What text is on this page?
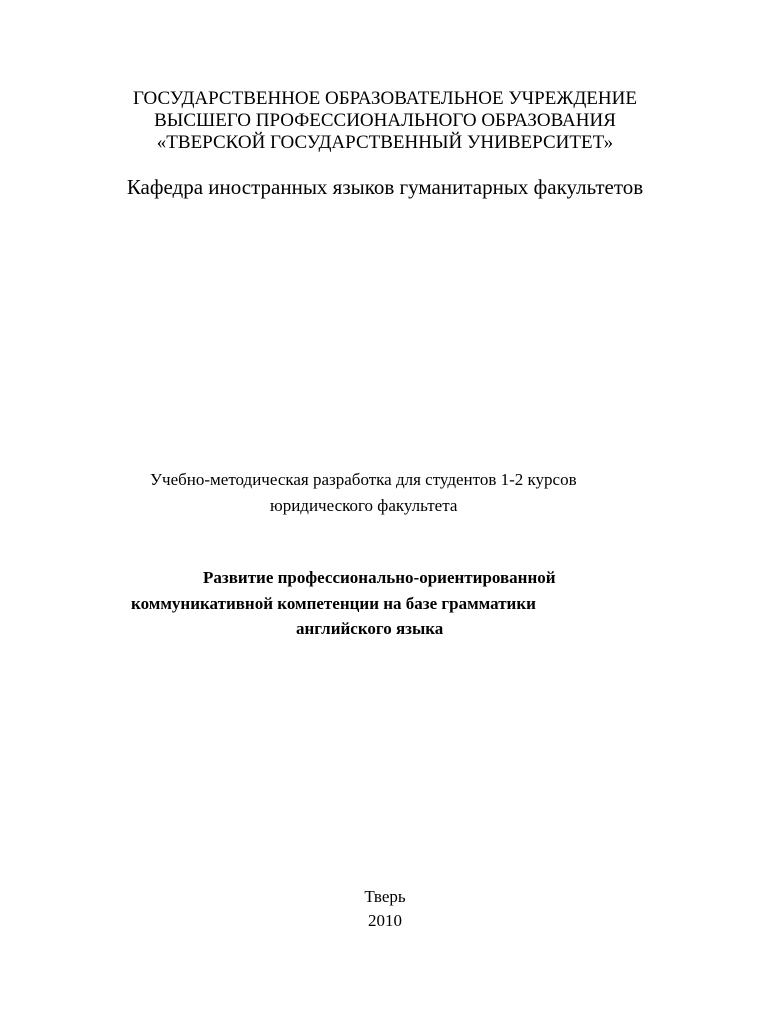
ГОСУДАРСТВЕННОЕ ОБРАЗОВАТЕЛЬНОЕ УЧРЕЖДЕНИЕ
ВЫСШЕГО ПРОФЕССИОНАЛЬНОГО ОБРАЗОВАНИЯ
«ТВЕРСКОЙ ГОСУДАРСТВЕННЫЙ УНИВЕРСИТЕТ»
Кафедра иностранных языков гуманитарных факультетов
Учебно-методическая разработка для студентов 1-2 курсов
юридического факультета
Развитие профессионально-ориентированной
коммуникативной компетенции на базе грамматики
английского языка
Тверь
2010
